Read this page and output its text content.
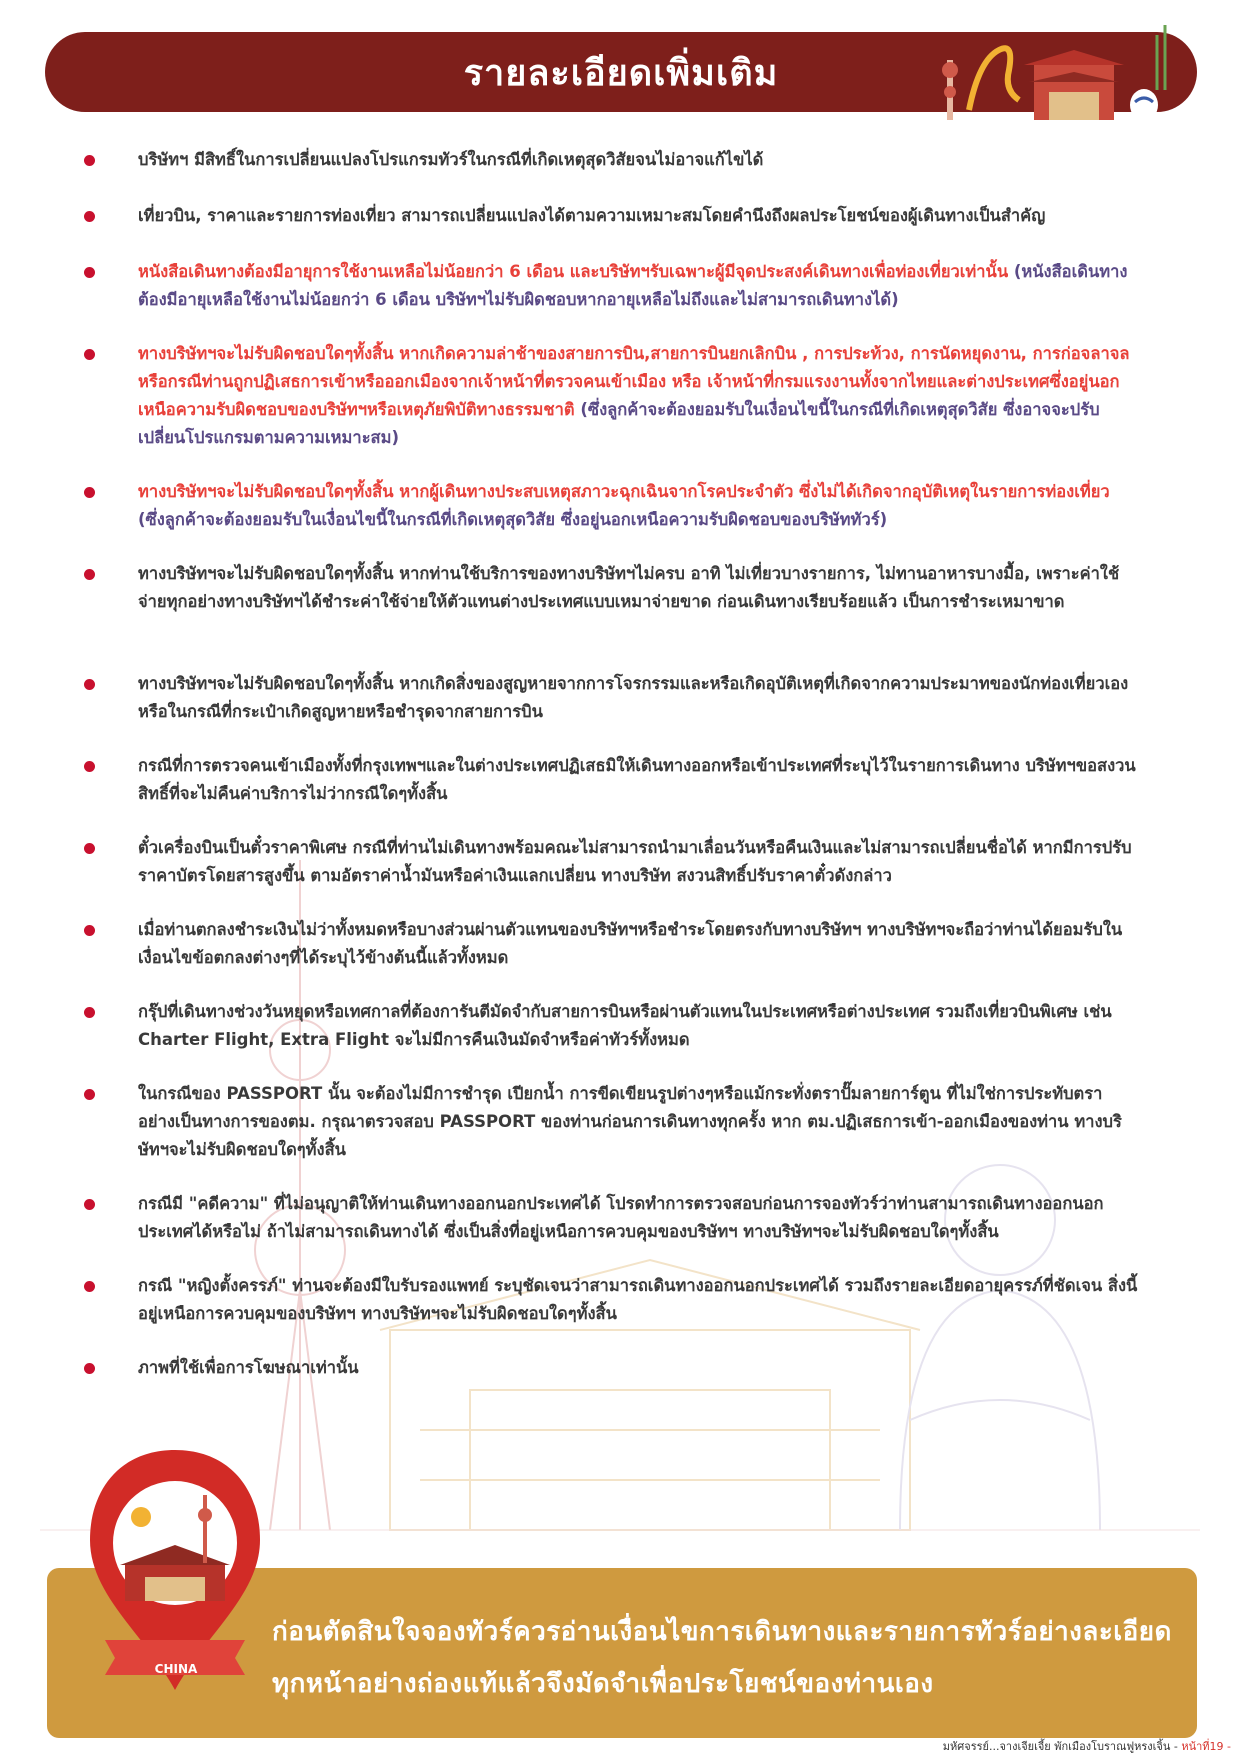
รายละเอียดเพิ่มเติม
บริษัทฯ มีสิทธิ์ในการเปลี่ยนแปลงโปรแกรมทัวร์ในกรณีที่เกิดเหตุสุดวิสัยจนไม่อาจแก้ไขได้
เที่ยวบิน, ราคาและรายการท่องเที่ยว สามารถเปลี่ยนแปลงได้ตามความเหมาะสมโดยคำนึงถึงผลประโยชน์ของผู้เดินทางเป็นสำคัญ
หนังสือเดินทางต้องมีอายุการใช้งานเหลือไม่น้อยกว่า 6 เดือน และบริษัทฯรับเฉพาะผู้มีจุดประสงค์เดินทางเพื่อท่องเที่ยวเท่านั้น (หนังสือเดินทางต้องมีอายุเหลือใช้งานไม่น้อยกว่า 6 เดือน บริษัทฯไม่รับผิดชอบหากอายุเหลือไม่ถึงและไม่สามารถเดินทางได้)
ทางบริษัทฯจะไม่รับผิดชอบใดๆทั้งสิ้น หากเกิดความล่าช้าของสายการบิน,สายการบินยกเลิกบิน , การประท้วง, การนัดหยุดงาน, การก่อจลาจลหรือกรณีท่านถูกปฏิเสธการเข้าหรือออกเมืองจากเจ้าหน้าที่ตรวจคนเข้าเมือง หรือ เจ้าหน้าที่กรมแรงงานทั้งจากไทยและต่างประเทศซึ่งอยู่นอกเหนือความรับผิดชอบของบริษัทฯหรือเหตุภัยพิบัติทางธรรมชาติ (ซึ่งลูกค้าจะต้องยอมรับในเงื่อนไขนี้ในกรณีที่เกิดเหตุสุดวิสัย ซึ่งอาจจะปรับเปลี่ยนโปรแกรมตามความเหมาะสม)
ทางบริษัทฯจะไม่รับผิดชอบใดๆทั้งสิ้น หากผู้เดินทางประสบเหตุสภาวะฉุกเฉินจากโรคประจำตัว ซึ่งไม่ได้เกิดจากอุบัติเหตุในรายการท่องเที่ยว (ซึ่งลูกค้าจะต้องยอมรับในเงื่อนไขนี้ในกรณีที่เกิดเหตุสุดวิสัย ซึ่งอยู่นอกเหนือความรับผิดชอบของบริษัททัวร์)
ทางบริษัทฯจะไม่รับผิดชอบใดๆทั้งสิ้น หากท่านใช้บริการของทางบริษัทฯไม่ครบ อาทิ ไม่เที่ยวบางรายการ, ไม่ทานอาหารบางมื้อ, เพราะค่าใช้จ่ายทุกอย่างทางบริษัทฯได้ชำระค่าใช้จ่ายให้ตัวแทนต่างประเทศแบบเหมาจ่ายขาด ก่อนเดินทางเรียบร้อยแล้ว เป็นการชำระเหมาขาด
ทางบริษัทฯจะไม่รับผิดชอบใดๆทั้งสิ้น หากเกิดสิ่งของสูญหายจากการโจรกรรมและหรือเกิดอุบัติเหตุที่เกิดจากความประมาทของนักท่องเที่ยวเองหรือในกรณีที่กระเป๋าเกิดสูญหายหรือชำรุดจากสายการบิน
กรณีที่การตรวจคนเข้าเมืองทั้งที่กรุงเทพฯและในต่างประเทศปฏิเสธมิให้เดินทางออกหรือเข้าประเทศที่ระบุไว้ในรายการเดินทาง บริษัทฯขอสงวนสิทธิ์ที่จะไม่คืนค่าบริการไม่ว่ากรณีใดๆทั้งสิ้น
ตั๋วเครื่องบินเป็นตั๋วราคาพิเศษ กรณีที่ท่านไม่เดินทางพร้อมคณะไม่สามารถนำมาเลื่อนวันหรือคืนเงินและไม่สามารถเปลี่ยนชื่อได้ หากมีการปรับราคาบัตรโดยสารสูงขึ้น ตามอัตราค่าน้ำมันหรือค่าเงินแลกเปลี่ยน ทางบริษัท สงวนสิทธิ์ปรับราคาตั๋วดังกล่าว
เมื่อท่านตกลงชำระเงินไม่ว่าทั้งหมดหรือบางส่วนผ่านตัวแทนของบริษัทฯหรือชำระโดยตรงกับทางบริษัทฯ ทางบริษัทฯจะถือว่าท่านได้ยอมรับในเงื่อนไขข้อตกลงต่างๆที่ได้ระบุไว้ข้างต้นนี้แล้วทั้งหมด
กรุ๊ปที่เดินทางช่วงวันหยุดหรือเทศกาลที่ต้องการันตีมัดจำกับสายการบินหรือผ่านตัวแทนในประเทศหรือต่างประเทศ รวมถึงเที่ยวบินพิเศษ เช่น Charter Flight, Extra Flight จะไม่มีการคืนเงินมัดจำหรือค่าทัวร์ทั้งหมด
ในกรณีของ PASSPORT นั้น จะต้องไม่มีการชำรุด เปียกน้ำ การขีดเขียนรูปต่างๆหรือแม้กระทั่งตราปั๊มลายการ์ตูน ที่ไม่ใช่การประทับตราอย่างเป็นทางการของตม. กรุณาตรวจสอบ PASSPORT ของท่านก่อนการเดินทางทุกครั้ง หาก ตม.ปฏิเสธการเข้า-ออกเมืองของท่าน ทางบริษัทฯจะไม่รับผิดชอบใดๆทั้งสิ้น
กรณีมี "คดีความ" ที่ไม่อนุญาติให้ท่านเดินทางออกนอกประเทศได้ โปรดทำการตรวจสอบก่อนการจองทัวร์ว่าท่านสามารถเดินทางออกนอกประเทศได้หรือไม่ ถ้าไม่สามารถเดินทางได้ ซึ่งเป็นสิ่งที่อยู่เหนือการควบคุมของบริษัทฯ ทางบริษัทฯจะไม่รับผิดชอบใดๆทั้งสิ้น
กรณี "หญิงตั้งครรภ์" ท่านจะต้องมีใบรับรองแพทย์ ระบุชัดเจนว่าสามารถเดินทางออกนอกประเทศได้ รวมถึงรายละเอียดอายุครรภ์ที่ชัดเจน สิ่งนี้อยู่เหนือการควบคุมของบริษัทฯ ทางบริษัทฯจะไม่รับผิดชอบใดๆทั้งสิ้น
ภาพที่ใช้เพื่อการโฆษณาเท่านั้น
ก่อนตัดสินใจจองทัวร์ควรอ่านเงื่อนไขการเดินทางและรายการทัวร์อย่างละเอียด
ทุกหน้าอย่างถ่องแท้แล้วจึงมัดจำเพื่อประโยชน์ของท่านเอง
CHINA
มหัศจรรย์...จางเจียเจี้ย พักเมืองโบราณฟูหรงเจิ้น - หน้าที่19 -
